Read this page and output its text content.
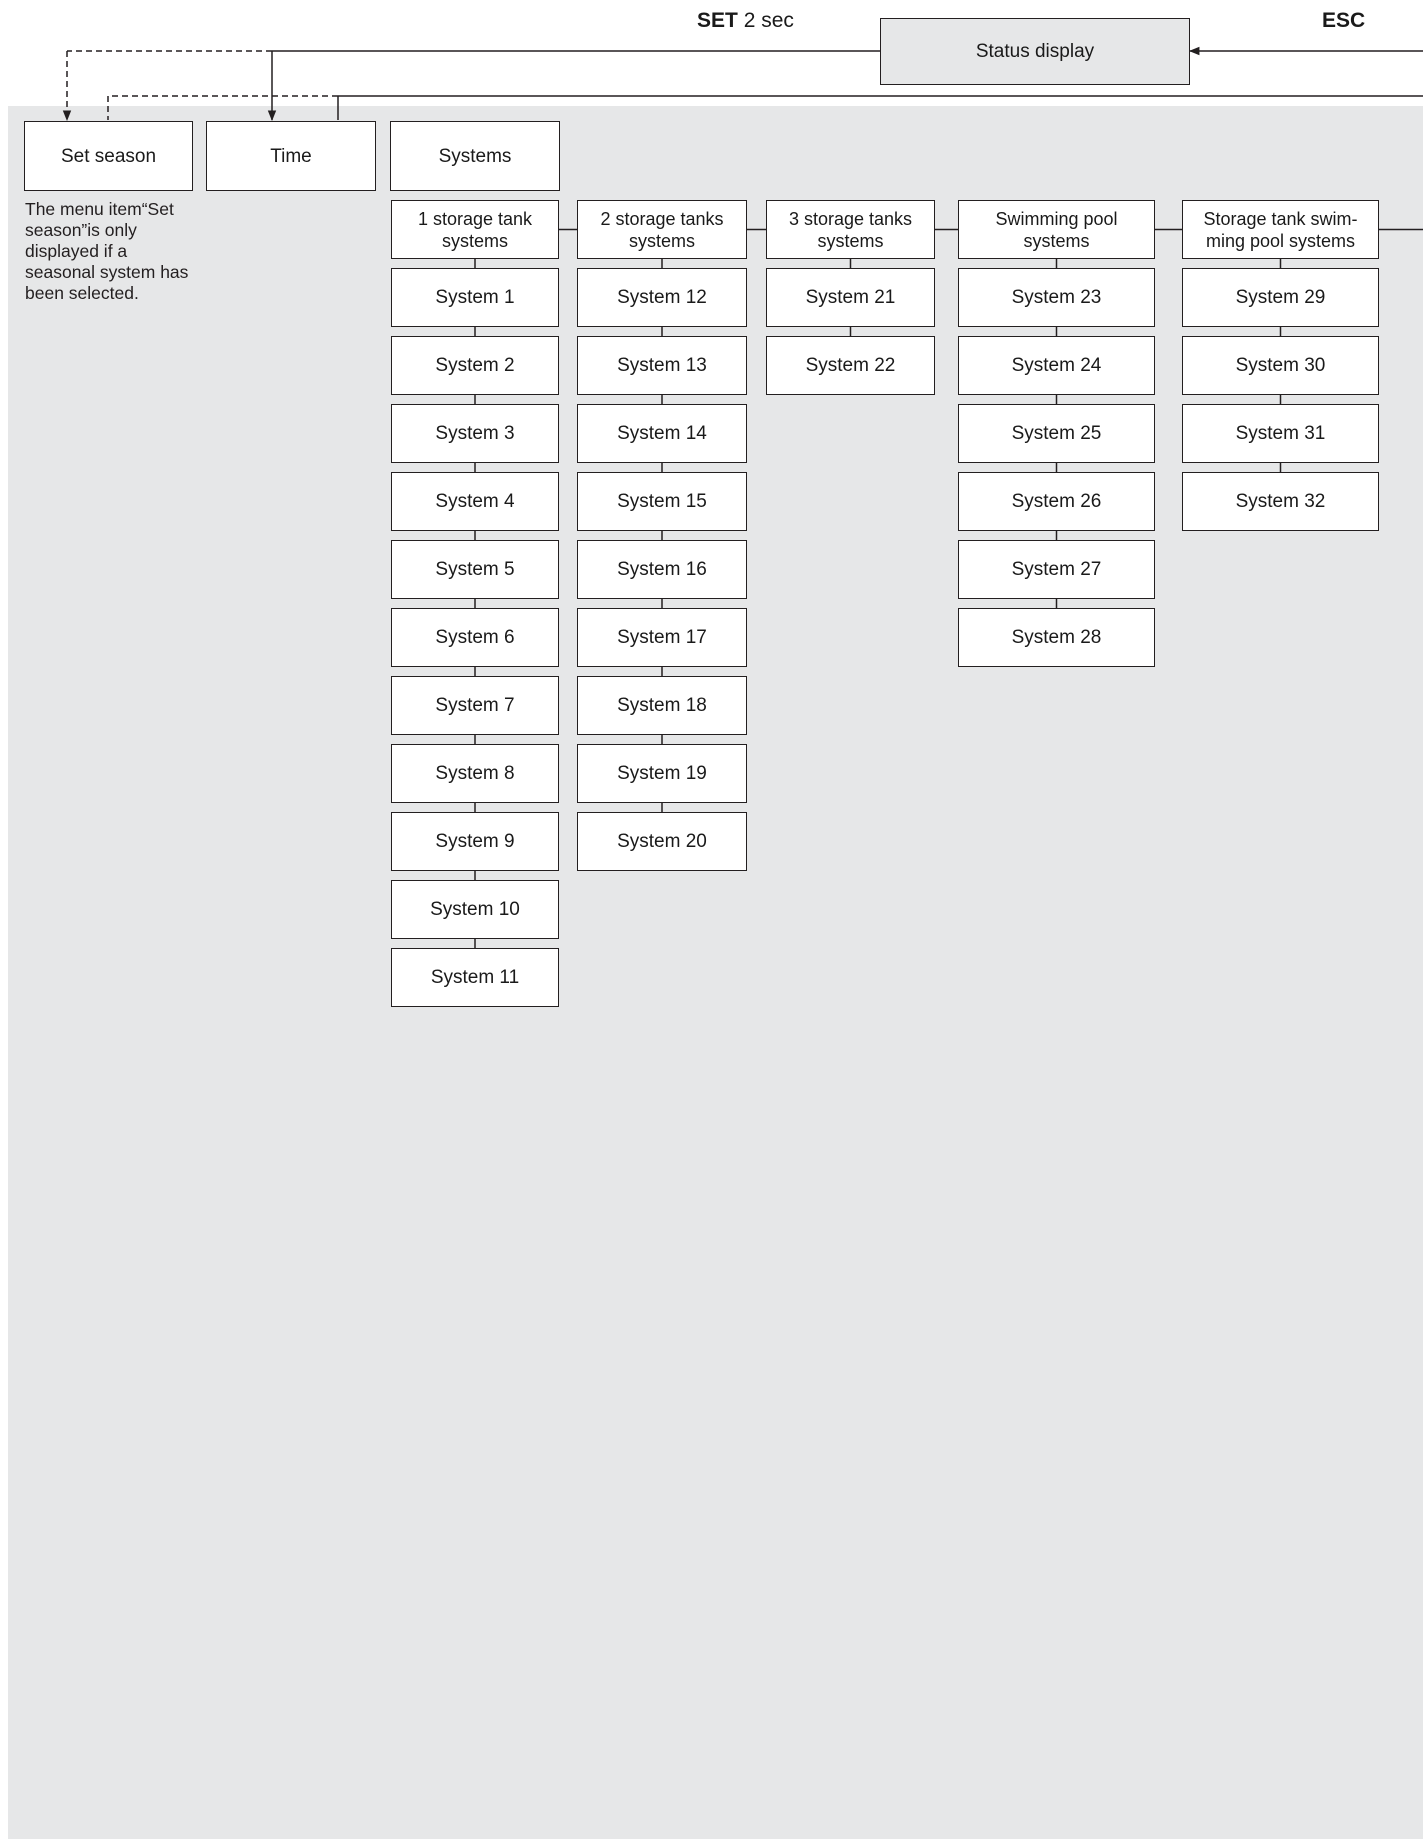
SET 2 sec	ESC
Status display
Set season	Time	Systems
The menu item“Set season”is only displayed if a seasonal system has been selected.
1 storage tank
systems
System 1
System 2
System 3
System 4
System 5
System 6
System 7
System 8
System 9
System 10
System 11
2 storage tanks
systems
System 12
System 13
System 14
System 15
System 16
System 17
System 18
System 19
System 20
3 storage tanks
systems
System 21
System 22
Swimming pool
systems
System 23
System 24
System 25
System 26
System 27
System 28
Storage tank swim-
ming pool systems
System 29
System 30
System 31
System 32
